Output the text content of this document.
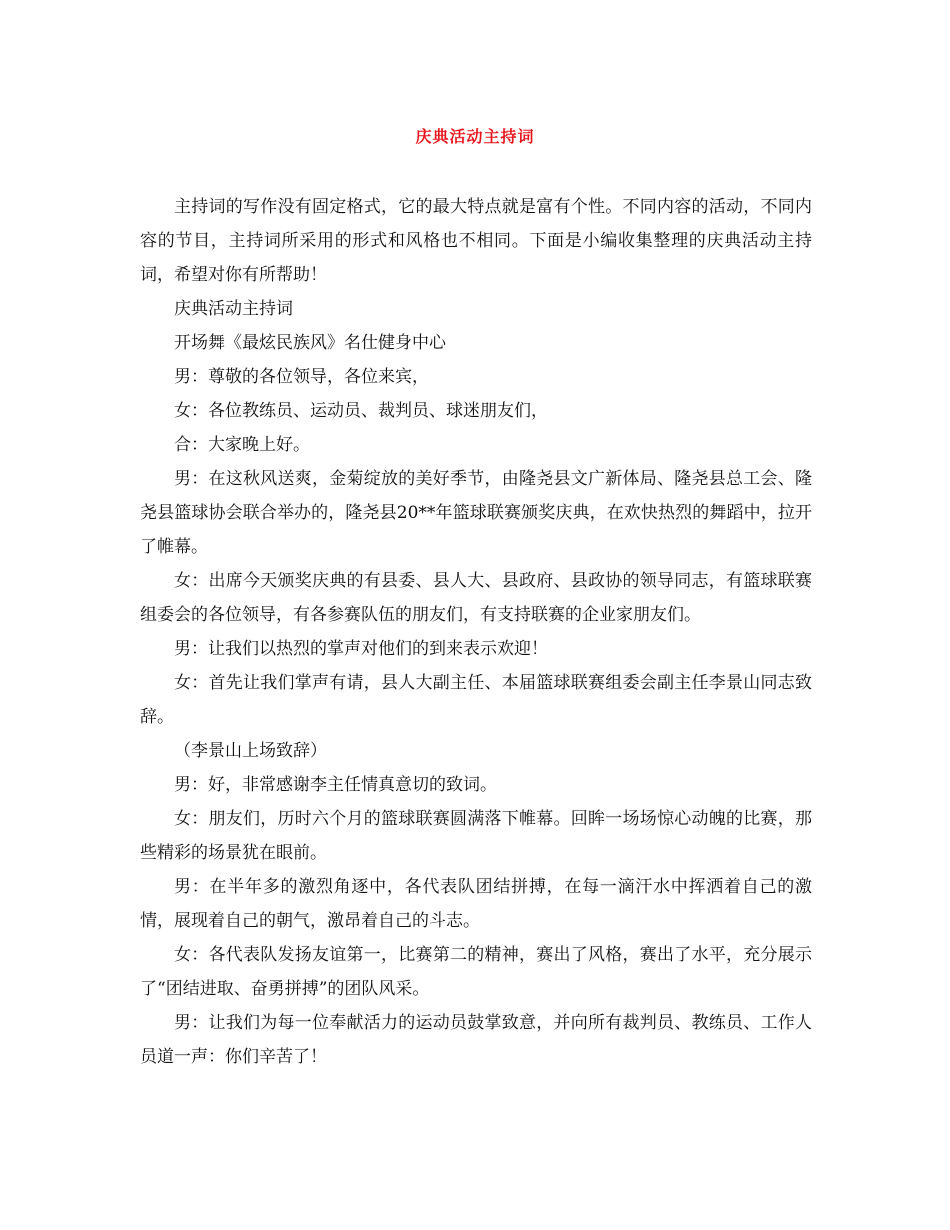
庆典活动主持词

主持词的写作没有固定格式，它的最大特点就是富有个性。不同内容的活动，不同内容的节目，主持词所采用的形式和风格也不相同。下面是小编收集整理的庆典活动主持词，希望对你有所帮助！

庆典活动主持词

开场舞《最炫民族风》名仕健身中心

男：尊敬的各位领导，各位来宾，

女：各位教练员、运动员、裁判员、球迷朋友们，

合：大家晚上好。

男：在这秋风送爽，金菊绽放的美好季节，由隆尧县文广新体局、隆尧县总工会、隆尧县篮球协会联合举办的，隆尧县20**年篮球联赛颁奖庆典，在欢快热烈的舞蹈中，拉开了帷幕。

女：出席今天颁奖庆典的有县委、县人大、县政府、县政协的领导同志，有篮球联赛组委会的各位领导，有各参赛队伍的朋友们，有支持联赛的企业家朋友们。

男：让我们以热烈的掌声对他们的到来表示欢迎！

女：首先让我们掌声有请，县人大副主任、本届篮球联赛组委会副主任李景山同志致辞。

（李景山上场致辞）

男：好，非常感谢李主任情真意切的致词。

女：朋友们，历时六个月的篮球联赛圆满落下帷幕。回眸一场场惊心动魄的比赛，那些精彩的场景犹在眼前。

男：在半年多的激烈角逐中，各代表队团结拼搏，在每一滴汗水中挥洒着自己的激情，展现着自己的朝气，激昂着自己的斗志。

女：各代表队发扬友谊第一，比赛第二的精神，赛出了风格，赛出了水平，充分展示了“团结进取、奋勇拼搏”的团队风采。

男：让我们为每一位奉献活力的运动员鼓掌致意，并向所有裁判员、教练员、工作人员道一声：你们辛苦了！
